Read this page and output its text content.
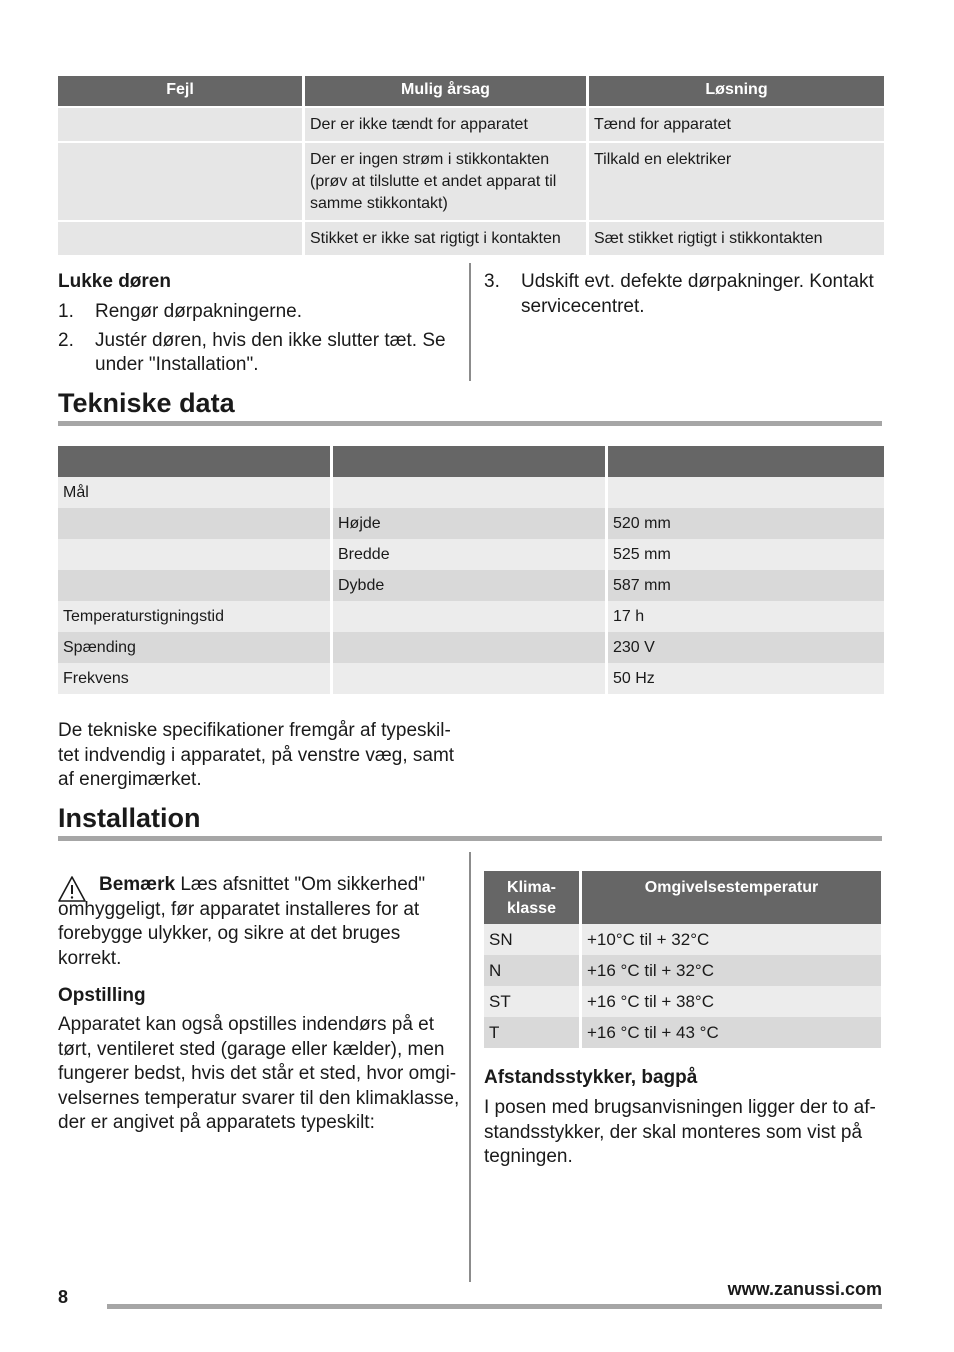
Fejl	Mulig årsag	Løsning
	Der er ikke tændt for apparatet	Tænd for apparatet
	Der er ingen strøm i stikkontakten (prøv at tilslutte et andet apparat til samme stikkontakt)	Tilkald en elektriker
	Stikket er ikke sat rigtigt i kontakten	Sæt stikket rigtigt i stikkontakten
Lukke døren
1. Rengør dørpakningerne.
2. Justér døren, hvis den ikke slutter tæt. Se under "Installation".
3. Udskift evt. defekte dørpakninger. Kontakt servicecentret.
Tekniske data

Mål		
	Højde	520 mm
	Bredde	525 mm
	Dybde	587 mm
Temperaturstigningstid		17 h
Spænding		230 V
Frekvens		50 Hz
De tekniske specifikationer fremgår af typeskil-tet indvendig i apparatet, på venstre væg, samt af energimærket.
Installation
Bemærk Læs afsnittet "Om sikkerhed" omhyggeligt, før apparatet installeres for at forebygge ulykker, og sikre at det bruges korrekt.
Opstilling
Apparatet kan også opstilles indendørs på et tørt, ventileret sted (garage eller kælder), men fungerer bedst, hvis det står et sted, hvor omgi-velsernes temperatur svarer til den klimaklasse, der er angivet på apparatets typeskilt:
Klima-klasse	Omgivelsestemperatur
SN	+10°C til + 32°C
N	+16 °C til + 32°C
ST	+16 °C til + 38°C
T	+16 °C til + 43 °C
Afstandsstykker, bagpå
I posen med brugsanvisningen ligger der to af-standsstykker, der skal monteres som vist på tegningen.
8	www.zanussi.com
